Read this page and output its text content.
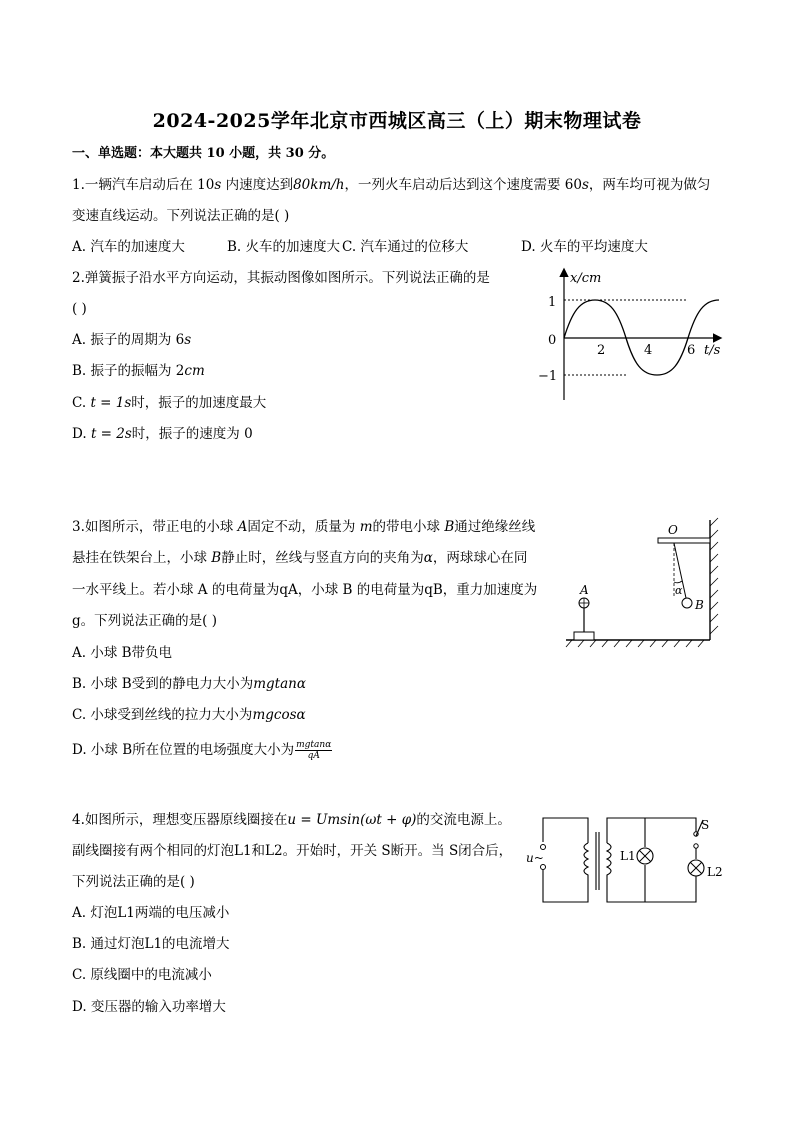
2024-2025学年北京市西城区高三（上）期末物理试卷
一、单选题：本大题共 10 小题，共 30 分。
1.一辆汽车启动后在 10s 内速度达到80km/h，一列火车启动后达到这个速度需要 60s，两车均可视为做匀
变速直线运动。下列说法正确的是( )
A. 汽车的加速度大	B. 火车的加速度大 C. 汽车通过的位移大	D. 火车的平均速度大
2.弹簧振子沿水平方向运动，其振动图像如图所示。下列说法正确的是
( )
A. 振子的周期为 6s
B. 振子的振幅为 2cm
C. t = 1s时，振子的加速度最大
D. t = 2s时，振子的速度为 0
x/cm
t/s
1
0
−1
2	4	6
3.如图所示，带正电的小球 A固定不动，质量为 m的带电小球 B通过绝缘丝线
悬挂在铁架台上，小球 B静止时，丝线与竖直方向的夹角为α，两球球心在同
一水平线上。若小球 A 的电荷量为qA，小球 B 的电荷量为qB，重力加速度为
g。下列说法正确的是( )
A. 小球 B带负电
B. 小球 B受到的静电力大小为mgtanα
C. 小球受到丝线的拉力大小为mgcosα
D. 小球 B所在位置的电场强度大小为 $\frac{mgtan\alpha}{qA}$
O
α
B
A
4.如图所示，理想变压器原线圈接在u = Umsin(ωt + φ)的交流电源上。
副线圈接有两个相同的灯泡L1和L2。开始时，开关 S断开。当 S闭合后，
下列说法正确的是( )
A. 灯泡L1两端的电压减小
B. 通过灯泡L1的电流增大
C. 原线圈中的电流减小
D. 变压器的输入功率增大
u~	L1
S
L2
